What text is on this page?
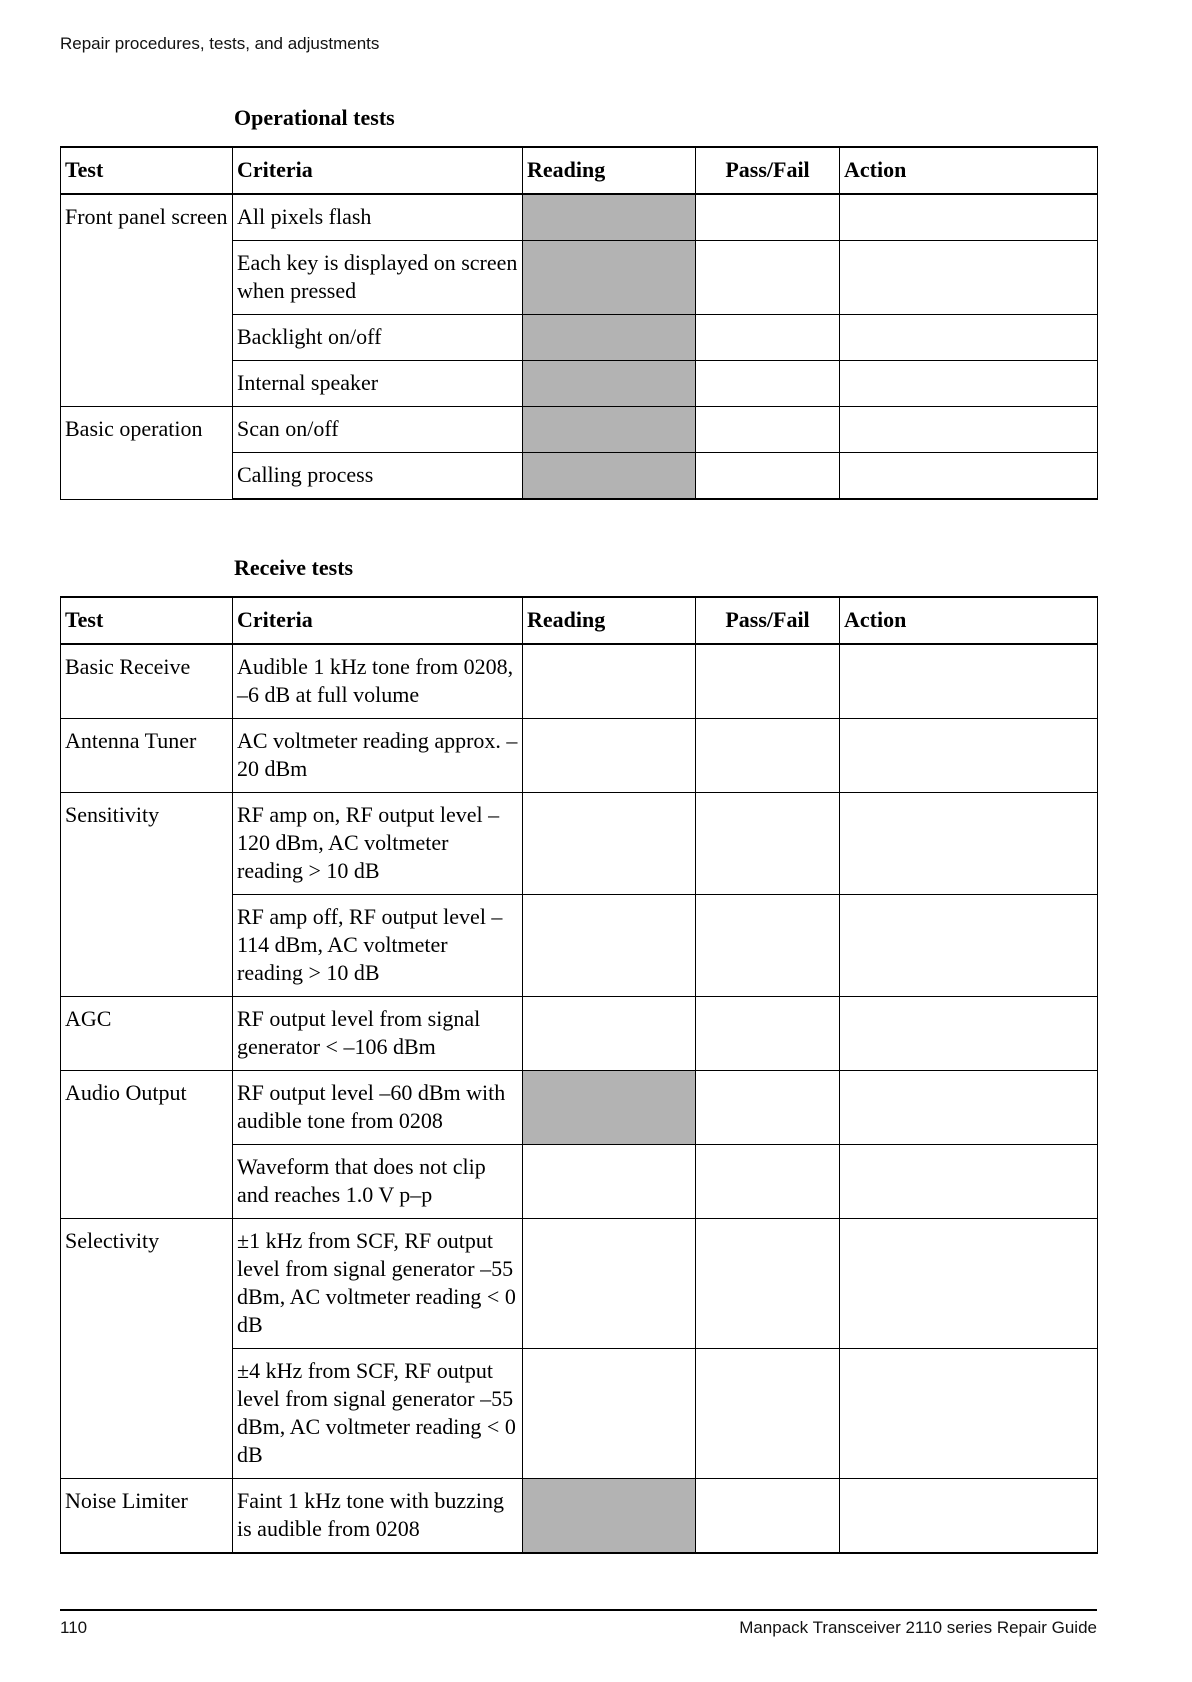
Repair procedures, tests, and adjustments
Operational tests
Test	Criteria	Reading	Pass/Fail	Action
Front panel screen	All pixels flash			
	Each key is displayed on screen when pressed			
	Backlight on/off			
	Internal speaker			
Basic operation	Scan on/off			
	Calling process			
Receive tests
Test	Criteria	Reading	Pass/Fail	Action
Basic Receive	Audible 1 kHz tone from 0208, –6 dB at full volume			
Antenna Tuner	AC voltmeter reading approx. –20 dBm			
Sensitivity	RF amp on, RF output level –120 dBm, AC voltmeter reading > 10 dB			
	RF amp off, RF output level –114 dBm, AC voltmeter reading > 10 dB			
AGC	RF output level from signal generator < –106 dBm			
Audio Output	RF output level –60 dBm with audible tone from 0208			
	Waveform that does not clip and reaches 1.0 V p–p			
Selectivity	±1 kHz from SCF, RF output level from signal generator –55 dBm, AC voltmeter reading < 0 dB			
	±4 kHz from SCF, RF output level from signal generator –55 dBm, AC voltmeter reading < 0 dB			
Noise Limiter	Faint 1 kHz tone with buzzing is audible from 0208			
110	Manpack Transceiver 2110 series Repair Guide
